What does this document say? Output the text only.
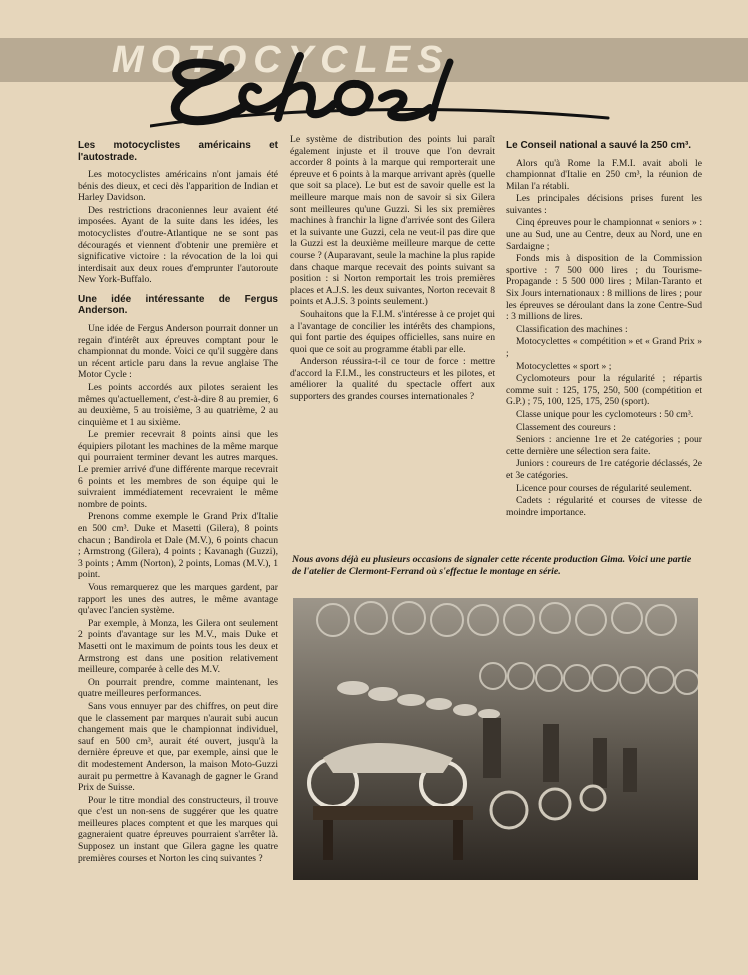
MOTOCYCLES
Les motocyclistes américains et l'autostrade.

Les motocyclistes américains n'ont jamais été bénis des dieux, et ceci dès l'apparition de Indian et Harley Davidson.

Des restrictions draconiennes leur avaient été imposées. Ayant de la suite dans les idées, les motocyclistes d'outre-Atlantique ne se sont pas découragés et viennent d'obtenir une première et significative victoire : la révocation de la loi qui interdisait aux deux roues d'emprunter l'autoroute New York-Buffalo.

Une idée intéressante de Fergus Anderson.

Une idée de Fergus Anderson pourrait donner un regain d'intérêt aux épreuves comptant pour le championnat du monde. Voici ce qu'il suggère dans un récent article paru dans la revue anglaise The Motor Cycle :

Les points accordés aux pilotes seraient les mêmes qu'actuellement, c'est-à-dire 8 au premier, 6 au deuxième, 5 au troisième, 3 au quatrième, 2 au cinquième et 1 au sixième.

Le premier recevrait 8 points ainsi que les équipiers pilotant les machines de la même marque qui pourraient terminer devant les autres marques. Le premier arrivé d'une différente marque recevrait 6 points et les membres de son équipe qui le suivraient immédiatement recevraient le même nombre de points.

Prenons comme exemple le Grand Prix d'Italie en 500 cm³. Duke et Masetti (Gilera), 8 points chacun ; Bandirola et Dale (M.V.), 6 points chacun ; Armstrong (Gilera), 4 points ; Kavanagh (Guzzi), 3 points ; Amm (Norton), 2 points, Lomas (M.V.), 1 point.

Vous remarquerez que les marques gardent, par rapport les unes des autres, le même avantage qu'avec l'ancien système.

Par exemple, à Monza, les Gilera ont seulement 2 points d'avantage sur les M.V., mais Duke et Masetti ont le maximum de points tous les deux et Armstrong est dans une position relativement meilleure, comparée à celle des M.V.

On pourrait prendre, comme maintenant, les quatre meilleures performances.

Sans vous ennuyer par des chiffres, on peut dire que le classement par marques n'aurait subi aucun changement mais que le championnat individuel, sauf en 500 cm³, aurait été ouvert, jusqu'à la dernière épreuve et que, par exemple, ainsi que le dit modestement Anderson, la maison Moto-Guzzi aurait pu permettre à Kavanagh de gagner le Grand Prix de Suisse.

Pour le titre mondial des constructeurs, il trouve que c'est un non-sens de suggérer que les quatre meilleures places comptent et que les marques qui gagneraient quatre épreuves pourraient s'arrêter là. Supposez un instant que Gilera gagne les quatre premières courses et Norton les cinq suivantes ?

Le système de distribution des points lui paraît également injuste et il trouve que l'on devrait accorder 8 points à la marque qui remporterait une épreuve et 6 points à la marque arrivant après (quelle que soit sa place). Le but est de savoir quelle est la meilleure marque mais non de savoir si six Gilera sont meilleures qu'une Guzzi. Si les six premières machines à franchir la ligne d'arrivée sont des Gilera et la suivante une Guzzi, cela ne veut-il pas dire que la Guzzi est la deuxième meilleure marque de cette course ? (Auparavant, seule la machine la plus rapide dans chaque marque recevait des points suivant sa position : si Norton remportait les trois premières places et A.J.S. les deux suivantes, Norton recevait 8 points et A.J.S. 3 points seulement.)

Souhaitons que la F.I.M. s'intéresse à ce projet qui a l'avantage de concilier les intérêts des champions, qui font partie des équipes officielles, sans nuire en quoi que ce soit au programme établi par elle.

Anderson réussira-t-il ce tour de force : mettre d'accord la F.I.M., les constructeurs et les pilotes, et améliorer la qualité du spectacle offert aux supporters des grandes courses internationales ?

Le Conseil national a sauvé la 250 cm³.

Alors qu'à Rome la F.M.I. avait aboli le championnat d'Italie en 250 cm³, la réunion de Milan l'a rétabli.

Les principales décisions prises furent les suivantes :

Cinq épreuves pour le championnat « seniors » : une au Sud, une au Centre, deux au Nord, une en Sardaigne ;

Fonds mis à disposition de la Commission sportive : 7 500 000 lires ; du Tourisme-Propagande : 5 500 000 lires ; Milan-Taranto et Six Jours internationaux : 8 millions de lires ; pour les épreuves se déroulant dans la zone Centre-Sud : 3 millions de lires.

Classification des machines :

Motocyclettes « compétition » et « Grand Prix » ;

Motocyclettes « sport » ;

Cyclomoteurs pour la régularité ; répartis comme suit : 125, 175, 250, 500 (compétition et G.P.) ; 75, 100, 125, 175, 250 (sport).

Classe unique pour les cyclomoteurs : 50 cm³.

Classement des coureurs :

Seniors : ancienne 1re et 2e catégories ; pour cette dernière une sélection sera faite.

Juniors : coureurs de 1re catégorie déclassés, 2e et 3e catégories.

Licence pour courses de régularité seulement.

Cadets : régularité et courses de vitesse de moindre importance.

Nous avons déjà eu plusieurs occasions de signaler cette récente production Gima. Voici une partie de l'atelier de Clermont-Ferrand où s'effectue le montage en série.
